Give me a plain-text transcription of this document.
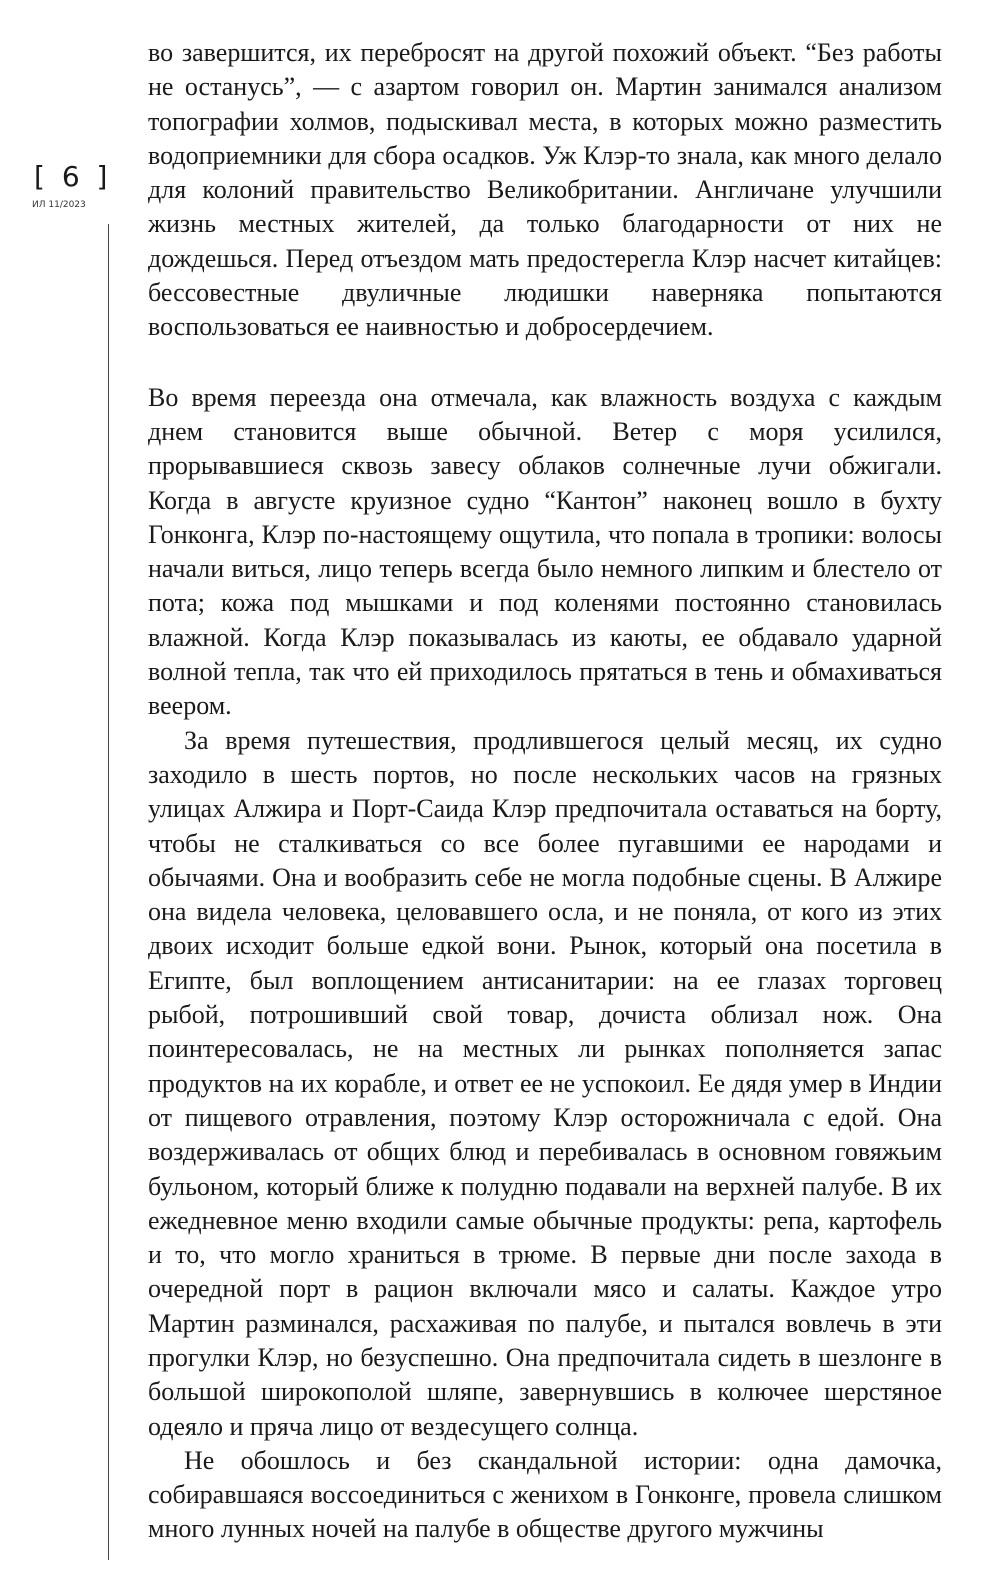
[ 6 ]
ИЛ 11/2023

во завершится, их перебросят на другой похожий объект. “Без работы не останусь”, — с азартом говорил он. Мартин занимался анализом топографии холмов, подыскивал места, в которых можно разместить водоприемники для сбора осадков. Уж Клэр-то знала, как много делало для колоний правительство Великобритании. Англичане улучшили жизнь местных жителей, да только благодарности от них не дождешься. Перед отъездом мать предостерегла Клэр насчет китайцев: бессовестные двуличные людишки наверняка попытаются воспользоваться ее наивностью и добросердечием.

Во время переезда она отмечала, как влажность воздуха с каждым днем становится выше обычной. Ветер с моря усилился, прорывавшиеся сквозь завесу облаков солнечные лучи обжигали. Когда в августе круизное судно “Кантон” наконец вошло в бухту Гонконга, Клэр по-настоящему ощутила, что попала в тропики: волосы начали виться, лицо теперь всегда было немного липким и блестело от пота; кожа под мышками и под коленями постоянно становилась влажной. Когда Клэр показывалась из каюты, ее обдавало ударной волной тепла, так что ей приходилось прятаться в тень и обмахиваться веером.

За время путешествия, продлившегося целый месяц, их судно заходило в шесть портов, но после нескольких часов на грязных улицах Алжира и Порт-Саида Клэр предпочитала оставаться на борту, чтобы не сталкиваться со все более пугавшими ее народами и обычаями. Она и вообразить себе не могла подобные сцены. В Алжире она видела человека, целовавшего осла, и не поняла, от кого из этих двоих исходит больше едкой вони. Рынок, который она посетила в Египте, был воплощением антисанитарии: на ее глазах торговец рыбой, потрошивший свой товар, дочиста облизал нож. Она поинтересовалась, не на местных ли рынках пополняется запас продуктов на их корабле, и ответ ее не успокоил. Ее дядя умер в Индии от пищевого отравления, поэтому Клэр осторожничала с едой. Она воздерживалась от общих блюд и перебивалась в основном говяжьим бульоном, который ближе к полудню подавали на верхней палубе. В их ежедневное меню входили самые обычные продукты: репа, картофель и то, что могло храниться в трюме. В первые дни после захода в очередной порт в рацион включали мясо и салаты. Каждое утро Мартин разминался, расхаживая по палубе, и пытался вовлечь в эти прогулки Клэр, но безуспешно. Она предпочитала сидеть в шезлонге в большой широкополой шляпе, завернувшись в колючее шерстяное одеяло и пряча лицо от вездесущего солнца.

Не обошлось и без скандальной истории: одна дамочка, собиравшаяся воссоединиться с женихом в Гонконге, провела слишком много лунных ночей на палубе в обществе другого мужчины
